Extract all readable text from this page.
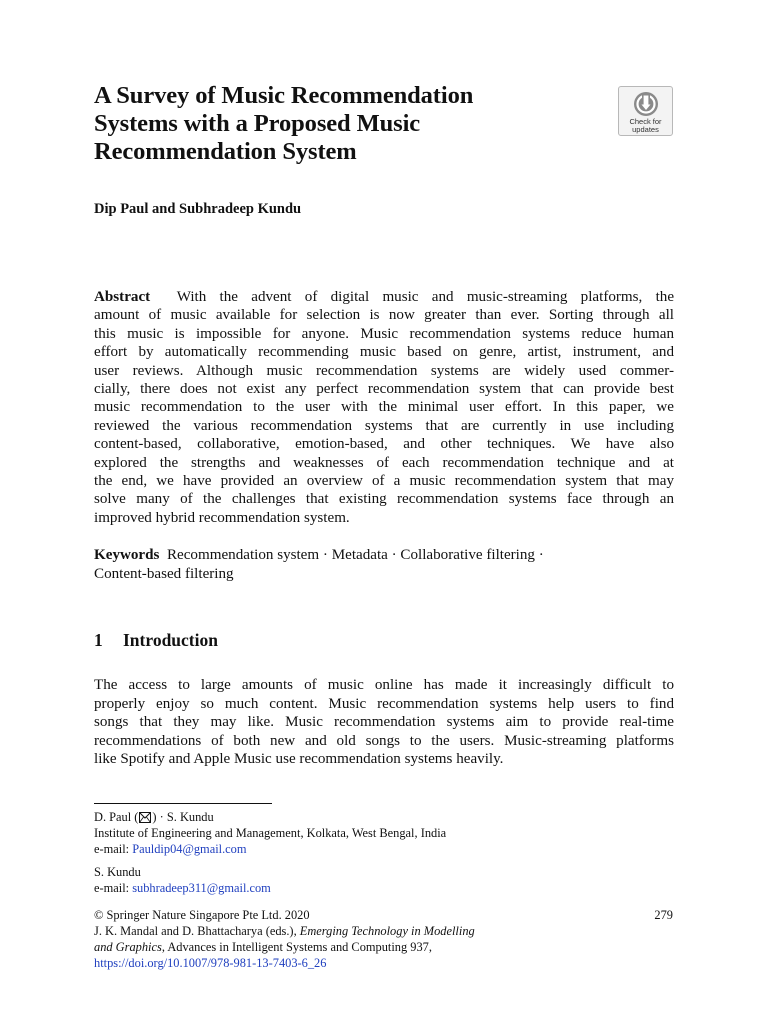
A Survey of Music Recommendation
Systems with a Proposed Music
Recommendation System
Check for
updates
Dip Paul and Subhradeep Kundu
Abstract With the advent of digital music and music-streaming platforms, the
amount of music available for selection is now greater than ever. Sorting through all
this music is impossible for anyone. Music recommendation systems reduce human
effort by automatically recommending music based on genre, artist, instrument, and
user reviews. Although music recommendation systems are widely used commer-
cially, there does not exist any perfect recommendation system that can provide best
music recommendation to the user with the minimal user effort. In this paper, we
reviewed the various recommendation systems that are currently in use including
content-based, collaborative, emotion-based, and other techniques. We have also
explored the strengths and weaknesses of each recommendation technique and at
the end, we have provided an overview of a music recommendation system that may
solve many of the challenges that existing recommendation systems face through an
improved hybrid recommendation system.
Keywords Recommendation system · Metadata · Collaborative filtering ·
Content-based filtering
1 Introduction
The access to large amounts of music online has made it increasingly difficult to
properly enjoy so much content. Music recommendation systems help users to find
songs that they may like. Music recommendation systems aim to provide real-time
recommendations of both new and old songs to the users. Music-streaming platforms
like Spotify and Apple Music use recommendation systems heavily.
D. Paul ( ) · S. Kundu
Institute of Engineering and Management, Kolkata, West Bengal, India
e-mail: Pauldip04@gmail.com
S. Kundu
e-mail: subhradeep311@gmail.com
© Springer Nature Singapore Pte Ltd. 2020
J. K. Mandal and D. Bhattacharya (eds.), Emerging Technology in Modelling
and Graphics, Advances in Intelligent Systems and Computing 937,
https://doi.org/10.1007/978-981-13-7403-6_26
279
